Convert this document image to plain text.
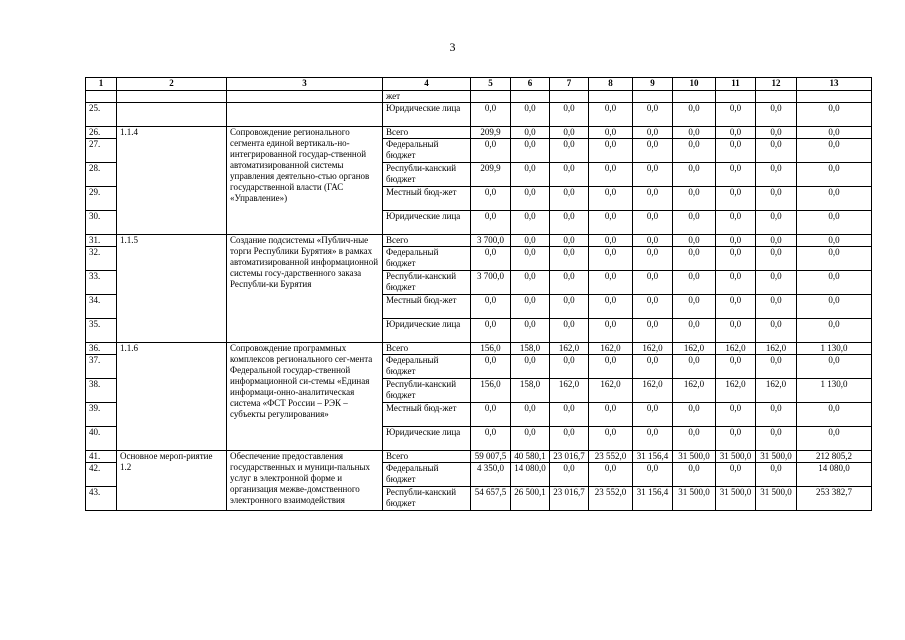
3
1	2	3	4	5	6	7	8	9	10	11	12	13
			жет									
25.			Юридические лица	0,0	0,0	0,0	0,0	0,0	0,0	0,0	0,0	0,0
26.	1.1.4	Сопровождение регионального сегмента единой вертикаль-но-интегрированной государ-ственной автоматизированной системы управления деятельно-стью органов государственной власти (ГАС «Управление»)	Всего	209,9	0,0	0,0	0,0	0,0	0,0	0,0	0,0	0,0
27.			Федеральный бюджет	0,0	0,0	0,0	0,0	0,0	0,0	0,0	0,0	0,0
28.			Республи-канский бюджет	209,9	0,0	0,0	0,0	0,0	0,0	0,0	0,0	0,0
29.			Местный бюд-жет	0,0	0,0	0,0	0,0	0,0	0,0	0,0	0,0	0,0
30.			Юридические лица	0,0	0,0	0,0	0,0	0,0	0,0	0,0	0,0	0,0
31.	1.1.5	Создание подсистемы «Публич-ные торги Республики Бурятия» в рамках автоматизированной информационной системы госу-дарственного заказа Республи-ки Бурятия	Всего	3 700,0	0,0	0,0	0,0	0,0	0,0	0,0	0,0	0,0
32.			Федеральный бюджет	0,0	0,0	0,0	0,0	0,0	0,0	0,0	0,0	0,0
33.			Республи-канский бюджет	3 700,0	0,0	0,0	0,0	0,0	0,0	0,0	0,0	0,0
34.			Местный бюд-жет	0,0	0,0	0,0	0,0	0,0	0,0	0,0	0,0	0,0
35.			Юридические лица	0,0	0,0	0,0	0,0	0,0	0,0	0,0	0,0	0,0
36.	1.1.6	Сопровождение программных комплексов регионального сег-мента Федеральной государ-ственной информационной си-стемы «Единая информаци-онно-аналитическая система «ФСТ России – РЭК – субъекты регулирования»	Всего	156,0	158,0	162,0	162,0	162,0	162,0	162,0	162,0	1 130,0
37.			Федеральный бюджет	0,0	0,0	0,0	0,0	0,0	0,0	0,0	0,0	0,0
38.			Республи-канский бюджет	156,0	158,0	162,0	162,0	162,0	162,0	162,0	162,0	1 130,0
39.			Местный бюд-жет	0,0	0,0	0,0	0,0	0,0	0,0	0,0	0,0	0,0
40.			Юридические лица	0,0	0,0	0,0	0,0	0,0	0,0	0,0	0,0	0,0
41.	Основное мероп-риятие 1.2	Обеспечение предоставления государственных и муници-пальных услуг в электронной форме и организация межве-домственного электронного взаимодействия	Всего	59 007,5	40 580,1	23 016,7	23 552,0	31 156,4	31 500,0	31 500,0	31 500,0	212 805,2
42.			Федеральный бюджет	4 350,0	14 080,0	0,0	0,0	0,0	0,0	0,0	0,0	14 080,0
43.			Республи-канский бюджет	54 657,5	26 500,1	23 016,7	23 552,0	31 156,4	31 500,0	31 500,0	31 500,0	253 382,7
